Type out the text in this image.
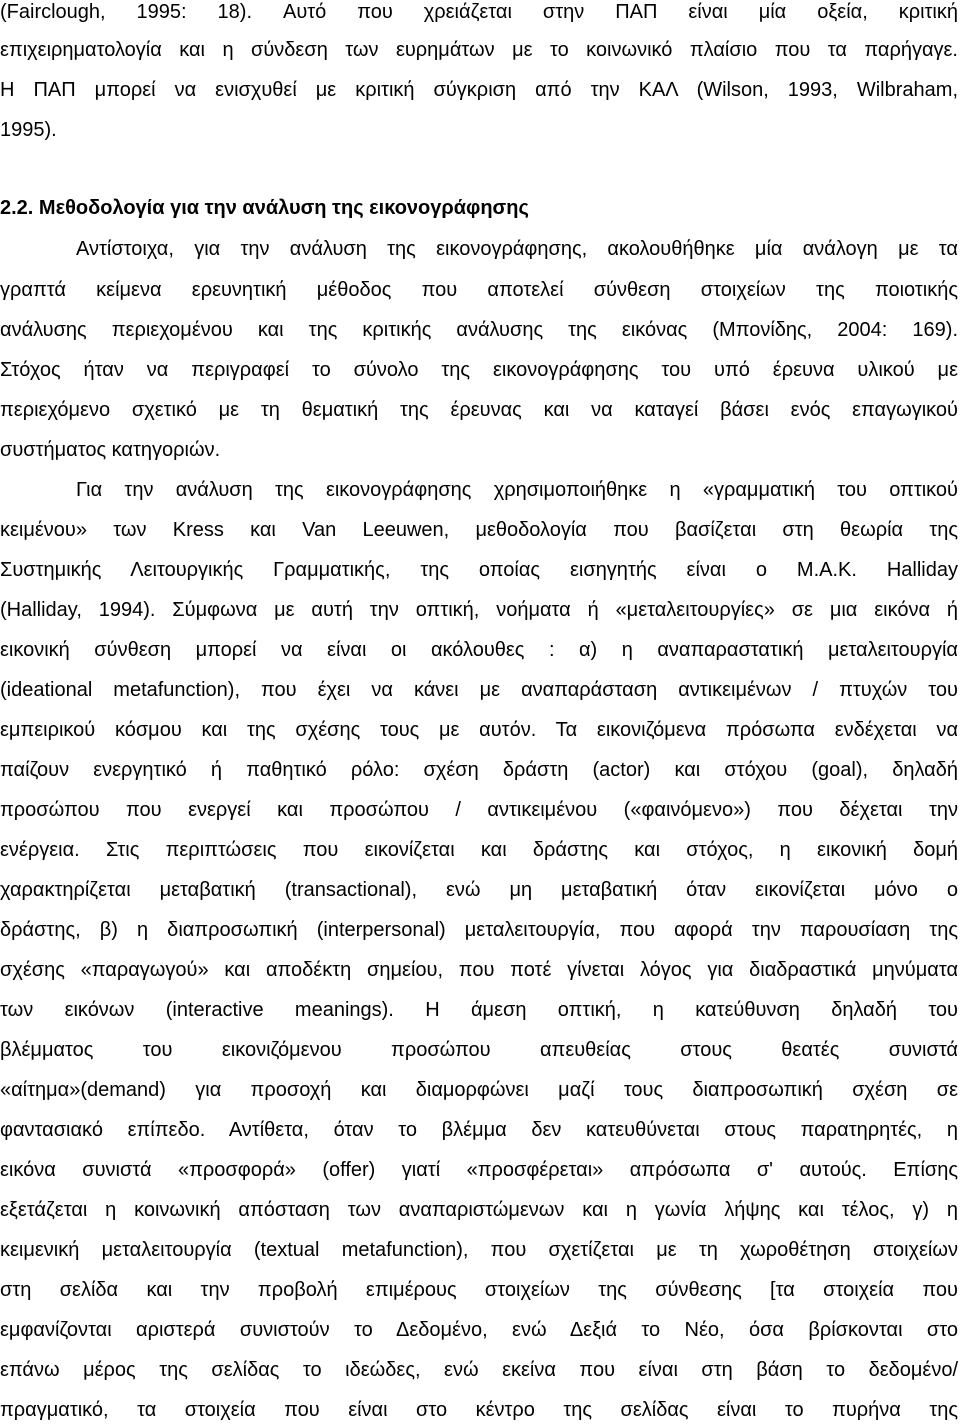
(Fairclough, 1995: 18). Αυτό που χρειάζεται στην ΠΑΠ είναι μία οξεία, κριτική

επιχειρηματολογία και η σύνδεση των ευρημάτων με το κοινωνικό πλαίσιο που τα παρήγαγε.

Η ΠΑΠ μπορεί να ενισχυθεί με κριτική σύγκριση από την ΚΑΛ (Wilson, 1993, Wilbraham,

1995).

2.2. Μεθοδολογία για την ανάλυση της εικονογράφησης

Αντίστοιχα, για την ανάλυση της εικονογράφησης, ακολουθήθηκε μία ανάλογη με τα

γραπτά κείμενα ερευνητική μέθοδος που αποτελεί σύνθεση στοιχείων της ποιοτικής

ανάλυσης περιεχομένου και της κριτικής ανάλυσης της εικόνας (Μπονίδης, 2004: 169).

Στόχος ήταν να περιγραφεί το σύνολο της εικονογράφησης του υπό έρευνα υλικού με

περιεχόμενο σχετικό με τη θεματική της έρευνας και να καταγεί βάσει ενός επαγωγικού

συστήματος κατηγοριών.

Για την ανάλυση της εικονογράφησης χρησιμοποιήθηκε η «γραμματική του οπτικού

κειμένου» των Kress και Van Leeuwen, μεθοδολογία που βασίζεται στη θεωρία της

Συστημικής Λειτουργικής Γραμματικής, της οποίας εισηγητής είναι ο M.A.K. Halliday

(Halliday, 1994). Σύμφωνα με αυτή την οπτική, νοήματα ή «μεταλειτουργίες» σε μια εικόνα ή

εικονική σύνθεση μπορεί να είναι οι ακόλουθες : α) η αναπαραστατική μεταλειτουργία

(ideational metafunction), που έχει να κάνει με αναπαράσταση αντικειμένων / πτυχών του

εμπειρικού κόσμου και της σχέσης τους με αυτόν. Τα εικονιζόμενα πρόσωπα ενδέχεται να

παίζουν ενεργητικό ή παθητικό ρόλο: σχέση δράστη (actor) και στόχου (goal), δηλαδή

προσώπου που ενεργεί και προσώπου / αντικειμένου («φαινόμενο») που δέχεται την

ενέργεια. Στις περιπτώσεις που εικονίζεται και δράστης και στόχος, η εικονική δομή

χαρακτηρίζεται μεταβατική (transactional), ενώ μη μεταβατική όταν εικονίζεται μόνο ο

δράστης, β) η διαπροσωπική (interpersonal) μεταλειτουργία, που αφορά την παρουσίαση της

σχέσης «παραγωγού» και αποδέκτη σημείου, που ποτέ γίνεται λόγος για διαδραστικά μηνύματα

των εικόνων (interactive meanings). Η άμεση οπτική, η κατεύθυνση δηλαδή του

βλέμματος του εικονιζόμενου προσώπου απευθείας στους θεατές συνιστά

«αίτημα»(demand) για προσοχή και διαμορφώνει μαζί τους διαπροσωπική σχέση σε

φαντασιακό επίπεδο. Αντίθετα, όταν το βλέμμα δεν κατευθύνεται στους παρατηρητές, η

εικόνα συνιστά «προσφορά» (offer) γιατί «προσφέρεται» απρόσωπα σ' αυτούς. Επίσης

εξετάζεται η κοινωνική απόσταση των αναπαριστώμενων και η γωνία λήψης και τέλος, γ) η

κειμενική μεταλειτουργία (textual metafunction), που σχετίζεται με τη χωροθέτηση στοιχείων

στη σελίδα και την προβολή επιμέρους στοιχείων της σύνθεσης [τα στοιχεία που

εμφανίζονται αριστερά συνιστούν το Δεδομένο, ενώ Δεξιά το Νέο, όσα βρίσκονται στο

επάνω μέρος της σελίδας το ιδεώδες, ενώ εκείνα που είναι στη βάση το δεδομένο/

πραγματικό, τα στοιχεία που είναι στο κέντρο της σελίδας είναι το πυρήνα της
